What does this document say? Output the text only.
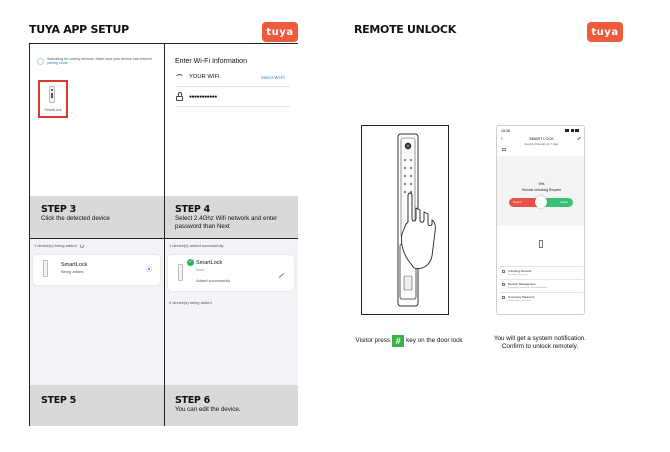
TUYA APP SETUP	tuya
Searching for nearby devices. Make sure your device has entered pairing mode
SmartLock
Enter Wi-Fi Information
YOUR WIFI	Select Wi-Fi
●●●●●●●●●●●
STEP 3
Click the detected device
STEP 4
Select 2.4Ghz Wifi network and enter password than Next
1 device(s) being added
SmartLock
Being added
1 device(s) added successfully
✓ SmartLock
Basic
Added successfully
0 device(s) being added
STEP 5	STEP 6
You can edit the device.
REMOTE UNLOCK	tuya
15:38
‹	SMART LOCK
Security Protection for 7 days
59s
Remote Unlocking Request
Reject	Agree
Unlocking Records
No unlocking records
Member Management
Fingerprint, password, card and member
Temporary Password
Online/Offline password
Visitor press # key on the door lock	You will get a system notification. Confirm to unlock remotely.
